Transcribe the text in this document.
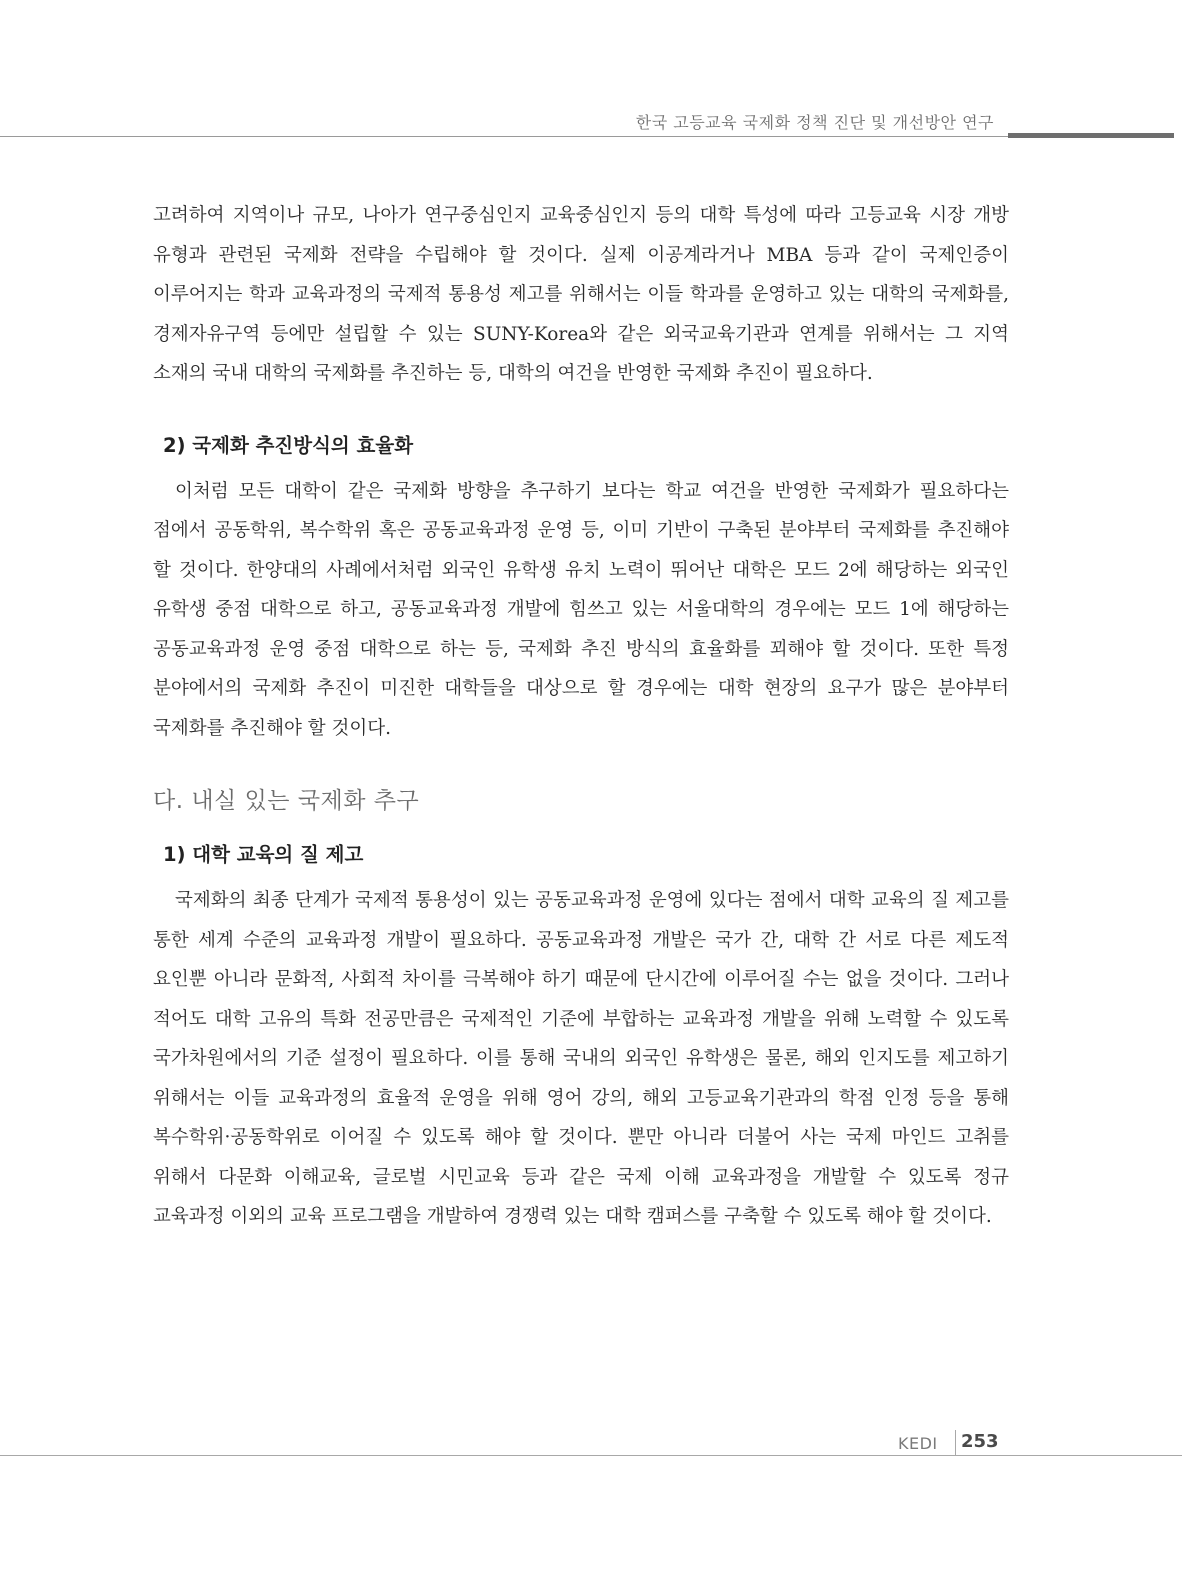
한국 고등교육 국제화 정책 진단 및 개선방안 연구

고려하여 지역이나 규모, 나아가 연구중심인지 교육중심인지 등의 대학 특성에 따라 고등교육 시장 개방 유형과 관련된 국제화 전략을 수립해야 할 것이다. 실제 이공계라거나 MBA 등과 같이 국제인증이 이루어지는 학과 교육과정의 국제적 통용성 제고를 위해서는 이들 학과를 운영하고 있는 대학의 국제화를, 경제자유구역 등에만 설립할 수 있는 SUNY-Korea와 같은 외국교육기관과 연계를 위해서는 그 지역 소재의 국내 대학의 국제화를 추진하는 등, 대학의 여건을 반영한 국제화 추진이 필요하다.

2) 국제화 추진방식의 효율화

이처럼 모든 대학이 같은 국제화 방향을 추구하기 보다는 학교 여건을 반영한 국제화가 필요하다는 점에서 공동학위, 복수학위 혹은 공동교육과정 운영 등, 이미 기반이 구축된 분야부터 국제화를 추진해야 할 것이다. 한양대의 사례에서처럼 외국인 유학생 유치 노력이 뛰어난 대학은 모드 2에 해당하는 외국인 유학생 중점 대학으로 하고, 공동교육과정 개발에 힘쓰고 있는 서울대학의 경우에는 모드 1에 해당하는 공동교육과정 운영 중점 대학으로 하는 등, 국제화 추진 방식의 효율화를 꾀해야 할 것이다. 또한 특정 분야에서의 국제화 추진이 미진한 대학들을 대상으로 할 경우에는 대학 현장의 요구가 많은 분야부터 국제화를 추진해야 할 것이다.

다. 내실 있는 국제화 추구
1) 대학 교육의 질 제고

국제화의 최종 단계가 국제적 통용성이 있는 공동교육과정 운영에 있다는 점에서 대학 교육의 질 제고를 통한 세계 수준의 교육과정 개발이 필요하다. 공동교육과정 개발은 국가 간, 대학 간 서로 다른 제도적 요인뿐 아니라 문화적, 사회적 차이를 극복해야 하기 때문에 단시간에 이루어질 수는 없을 것이다. 그러나 적어도 대학 고유의 특화 전공만큼은 국제적인 기준에 부합하는 교육과정 개발을 위해 노력할 수 있도록 국가차원에서의 기준 설정이 필요하다. 이를 통해 국내의 외국인 유학생은 물론, 해외 인지도를 제고하기 위해서는 이들 교육과정의 효율적 운영을 위해 영어 강의, 해외 고등교육기관과의 학점 인정 등을 통해 복수학위·공동학위로 이어질 수 있도록 해야 할 것이다. 뿐만 아니라 더불어 사는 국제 마인드 고취를 위해서 다문화 이해교육, 글로벌 시민교육 등과 같은 국제 이해 교육과정을 개발할 수 있도록 정규 교육과정 이외의 교육 프로그램을 개발하여 경쟁력 있는 대학 캠퍼스를 구축할 수 있도록 해야 할 것이다.

KEDI 253
